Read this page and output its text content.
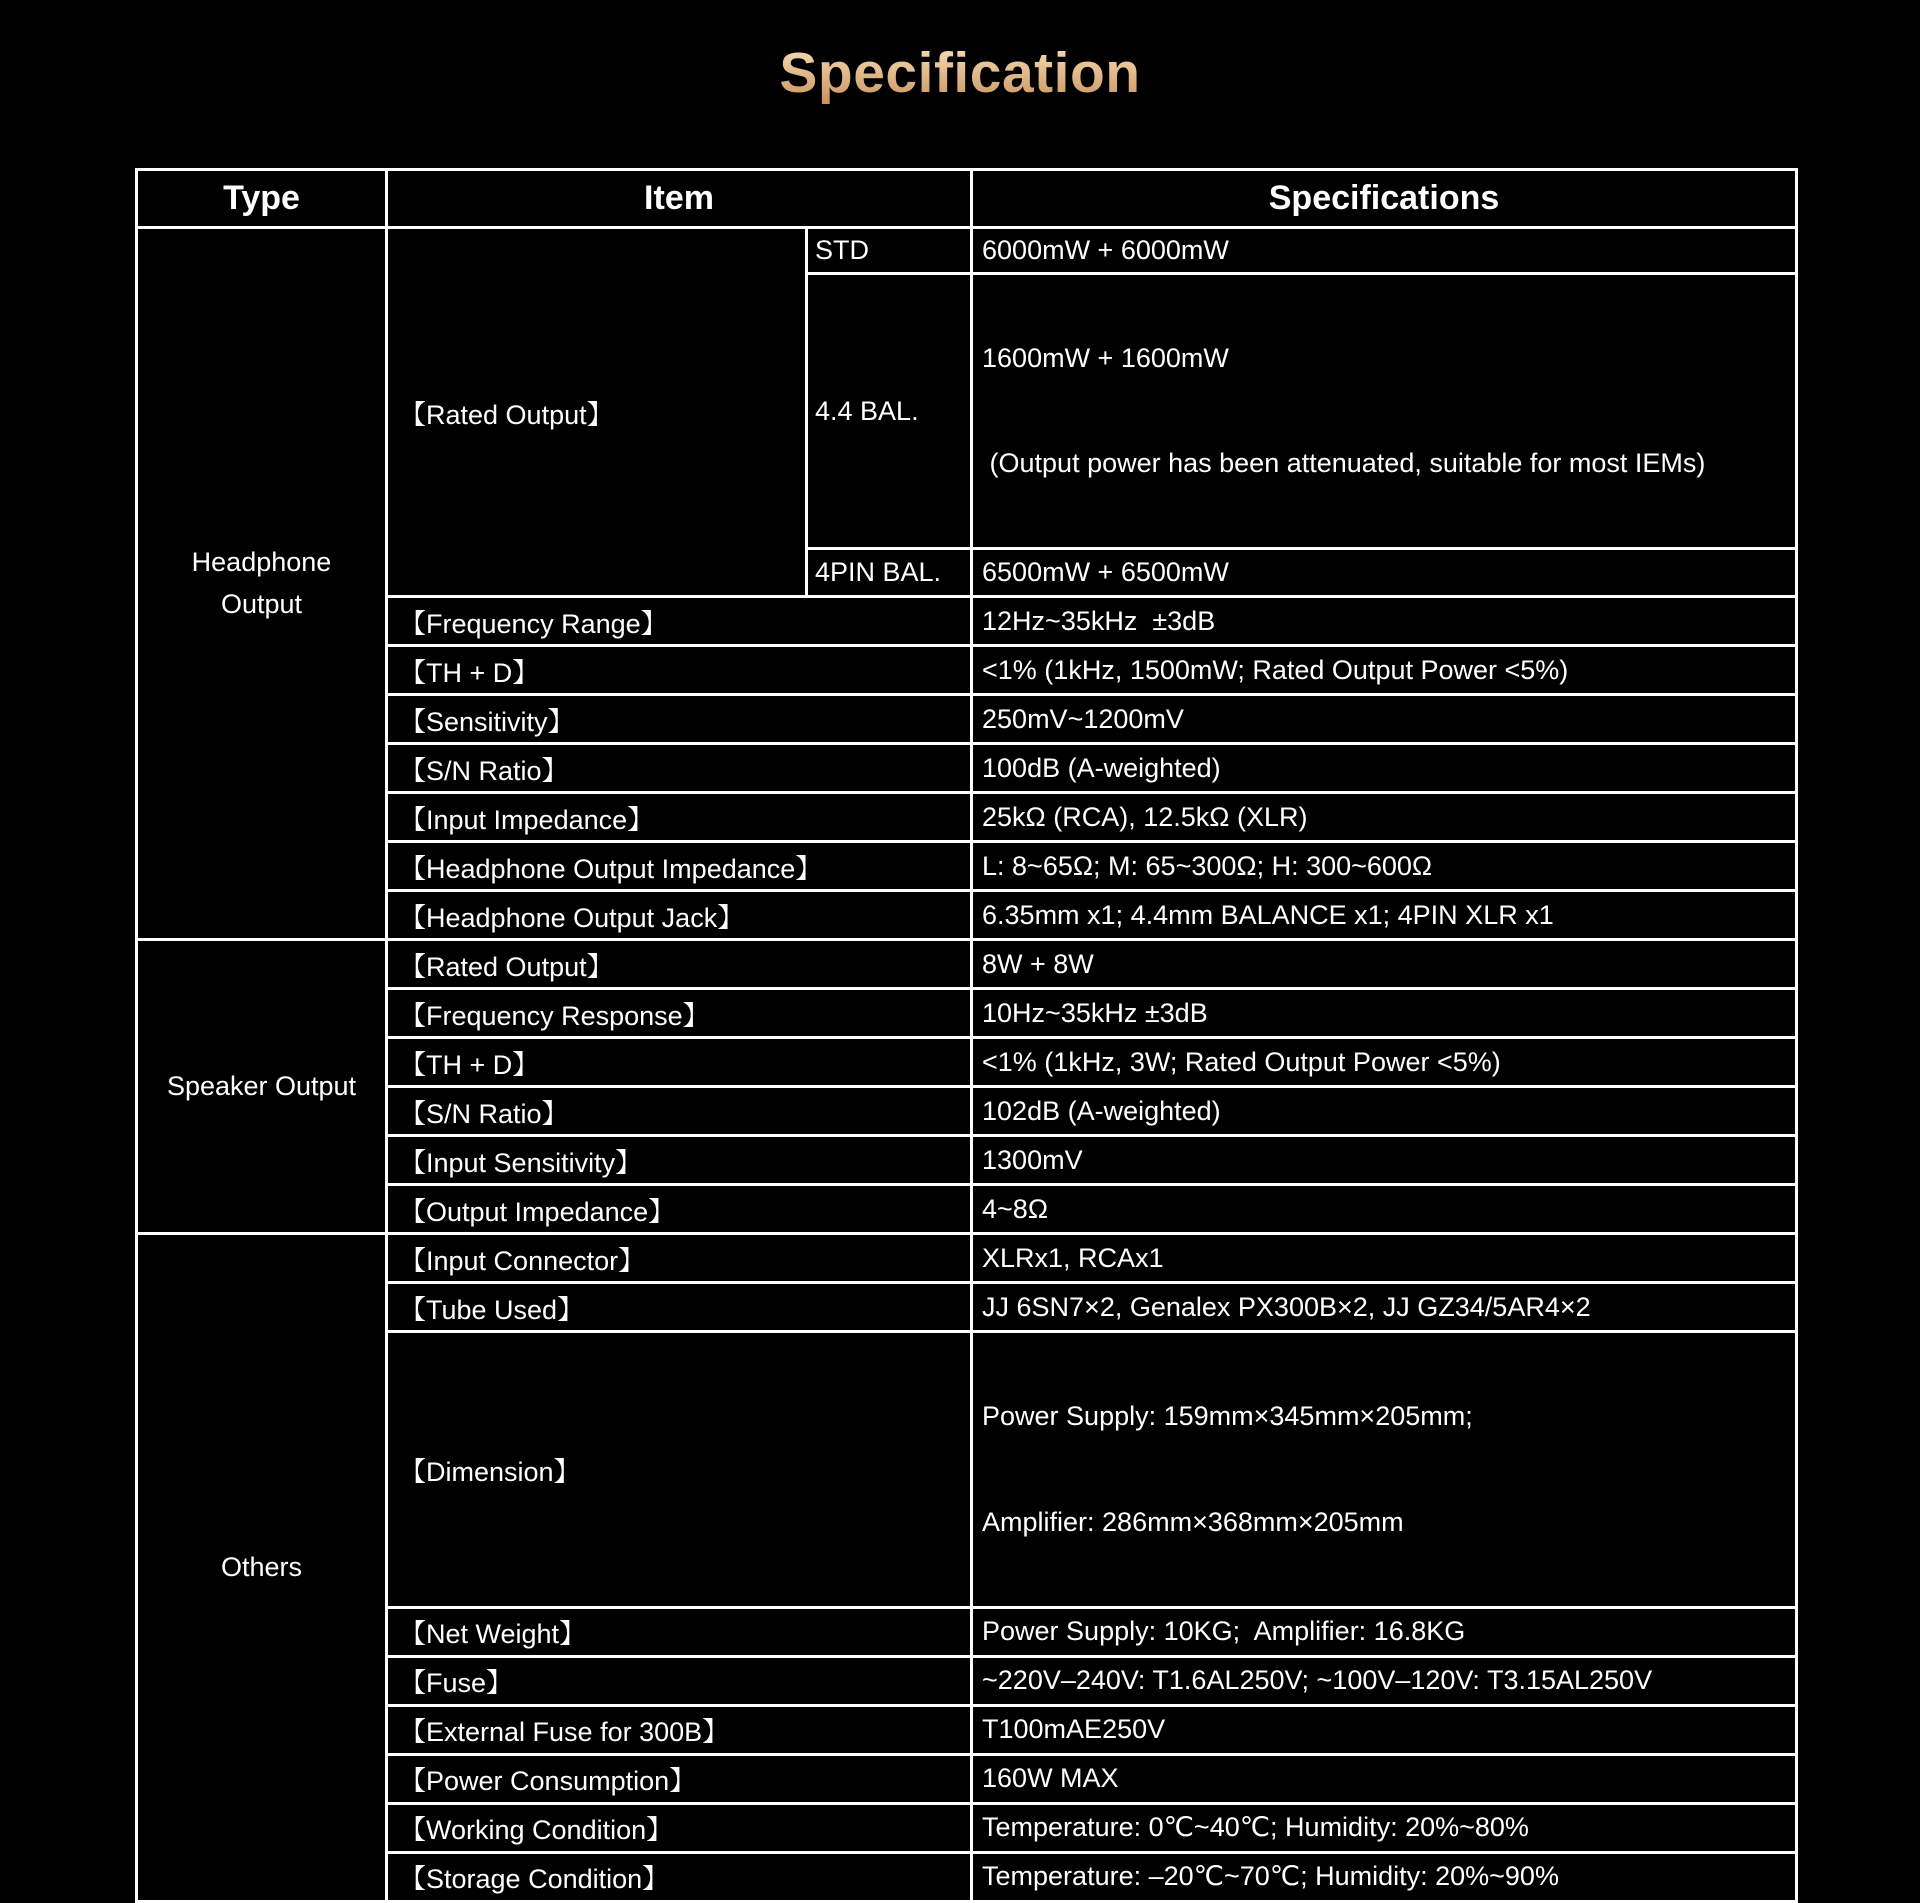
Specification
Type	Item		Specifications
Headphone Output	【Rated Output】	STD	6000mW + 6000mW
		4.4 BAL.	1600mW + 1600mW

(Output power has been attenuated, suitable for most IEMs)

		4PIN BAL.	6500mW + 6500mW
	【Frequency Range】		12Hz~35kHz  ±3dB
	【TH + D】		<1% (1kHz, 1500mW; Rated Output Power <5%)
	【Sensitivity】		250mV~1200mV
	【S/N Ratio】		100dB (A-weighted)
	【Input Impedance】		25kΩ (RCA), 12.5kΩ (XLR)
	【Headphone Output Impedance】		L: 8~65Ω; M: 65~300Ω; H: 300~600Ω
	【Headphone Output Jack】		6.35mm x1; 4.4mm BALANCE x1; 4PIN XLR x1
Speaker Output	【Rated Output】		8W + 8W
	【Frequency Response】		10Hz~35kHz ±3dB
	【TH + D】		<1% (1kHz, 3W; Rated Output Power <5%)
	【S/N Ratio】		102dB (A-weighted)
	【Input Sensitivity】		1300mV
	【Output Impedance】		4~8Ω
Others	【Input Connector】		XLRx1, RCAx1
	【Tube Used】		JJ 6SN7×2, Genalex PX300B×2, JJ GZ34/5AR4×2
	【Dimension】		Power Supply: 159mm×345mm×205mm;

Amplifier: 286mm×368mm×205mm

	【Net Weight】		Power Supply: 10KG;  Amplifier: 16.8KG
	【Fuse】		~220V–240V: T1.6AL250V; ~100V–120V: T3.15AL250V
	【External Fuse for 300B】		T100mAE250V
	【Power Consumption】		160W MAX
	【Working Condition】		Temperature: 0℃~40℃; Humidity: 20%~80%
	【Storage Condition】		Temperature: –20℃~70℃; Humidity: 20%~90%
